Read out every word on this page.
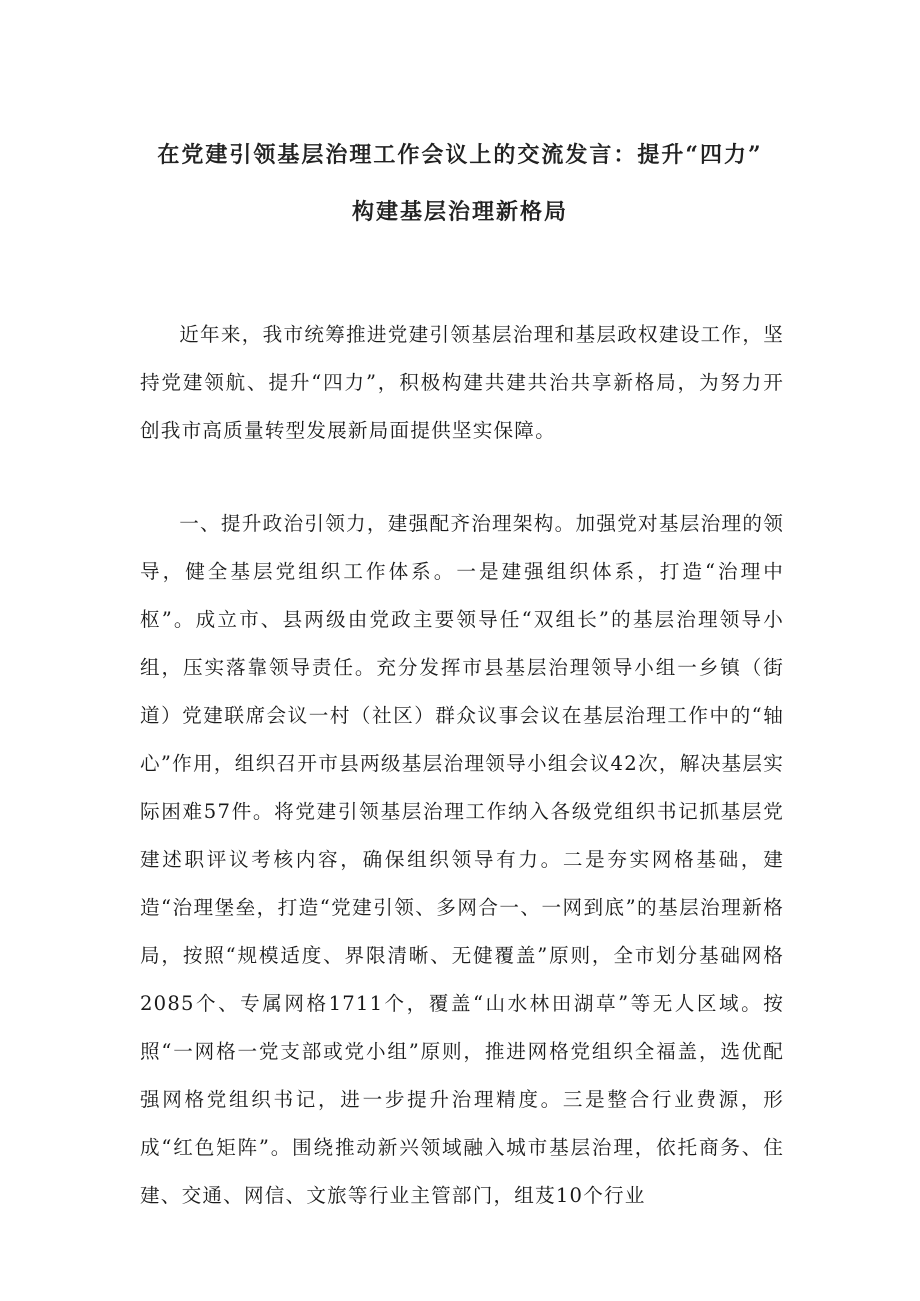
在党建引领基层治理工作会议上的交流发言：提升“四力”
构建基层治理新格局

近年来，我市统筹推进党建引领基层治理和基层政权建设工作，坚持党建领航、提升“四力”，积极构建共建共治共享新格局，为努力开创我市高质量转型发展新局面提供坚实保障。

一、提升政治引领力，建强配齐治理架构。加强党对基层治理的领导，健全基层党组织工作体系。一是建强组织体系，打造“治理中枢”。成立市、县两级由党政主要领导任“双组长”的基层治理领导小组，压实落靠领导责任。充分发挥市县基层治理领导小组一乡镇（街道）党建联席会议一村（社区）群众议事会议在基层治理工作中的“轴心”作用，组织召开市县两级基层治理领导小组会议42次，解决基层实际困难57件。将党建引领基层治理工作纳入各级党组织书记抓基层党建述职评议考核内容，确保组织领导有力。二是夯实网格基础，建造“治理堡垒，打造“党建引领、多网合一、一网到底”的基层治理新格局，按照“规模适度、界限清晰、无健覆盖”原则，全市划分基础网格2085个、专属网格1711个，覆盖“山水林田湖草”等无人区域。按照“一网格一党支部或党小组”原则，推进网格党组织全福盖，选优配强网格党组织书记，进一步提升治理精度。三是整合行业费源，形成“红色矩阵”。围绕推动新兴领域融入城市基层治理，依托商务、住建、交通、网信、文旅等行业主管部门，组芨10个行业
